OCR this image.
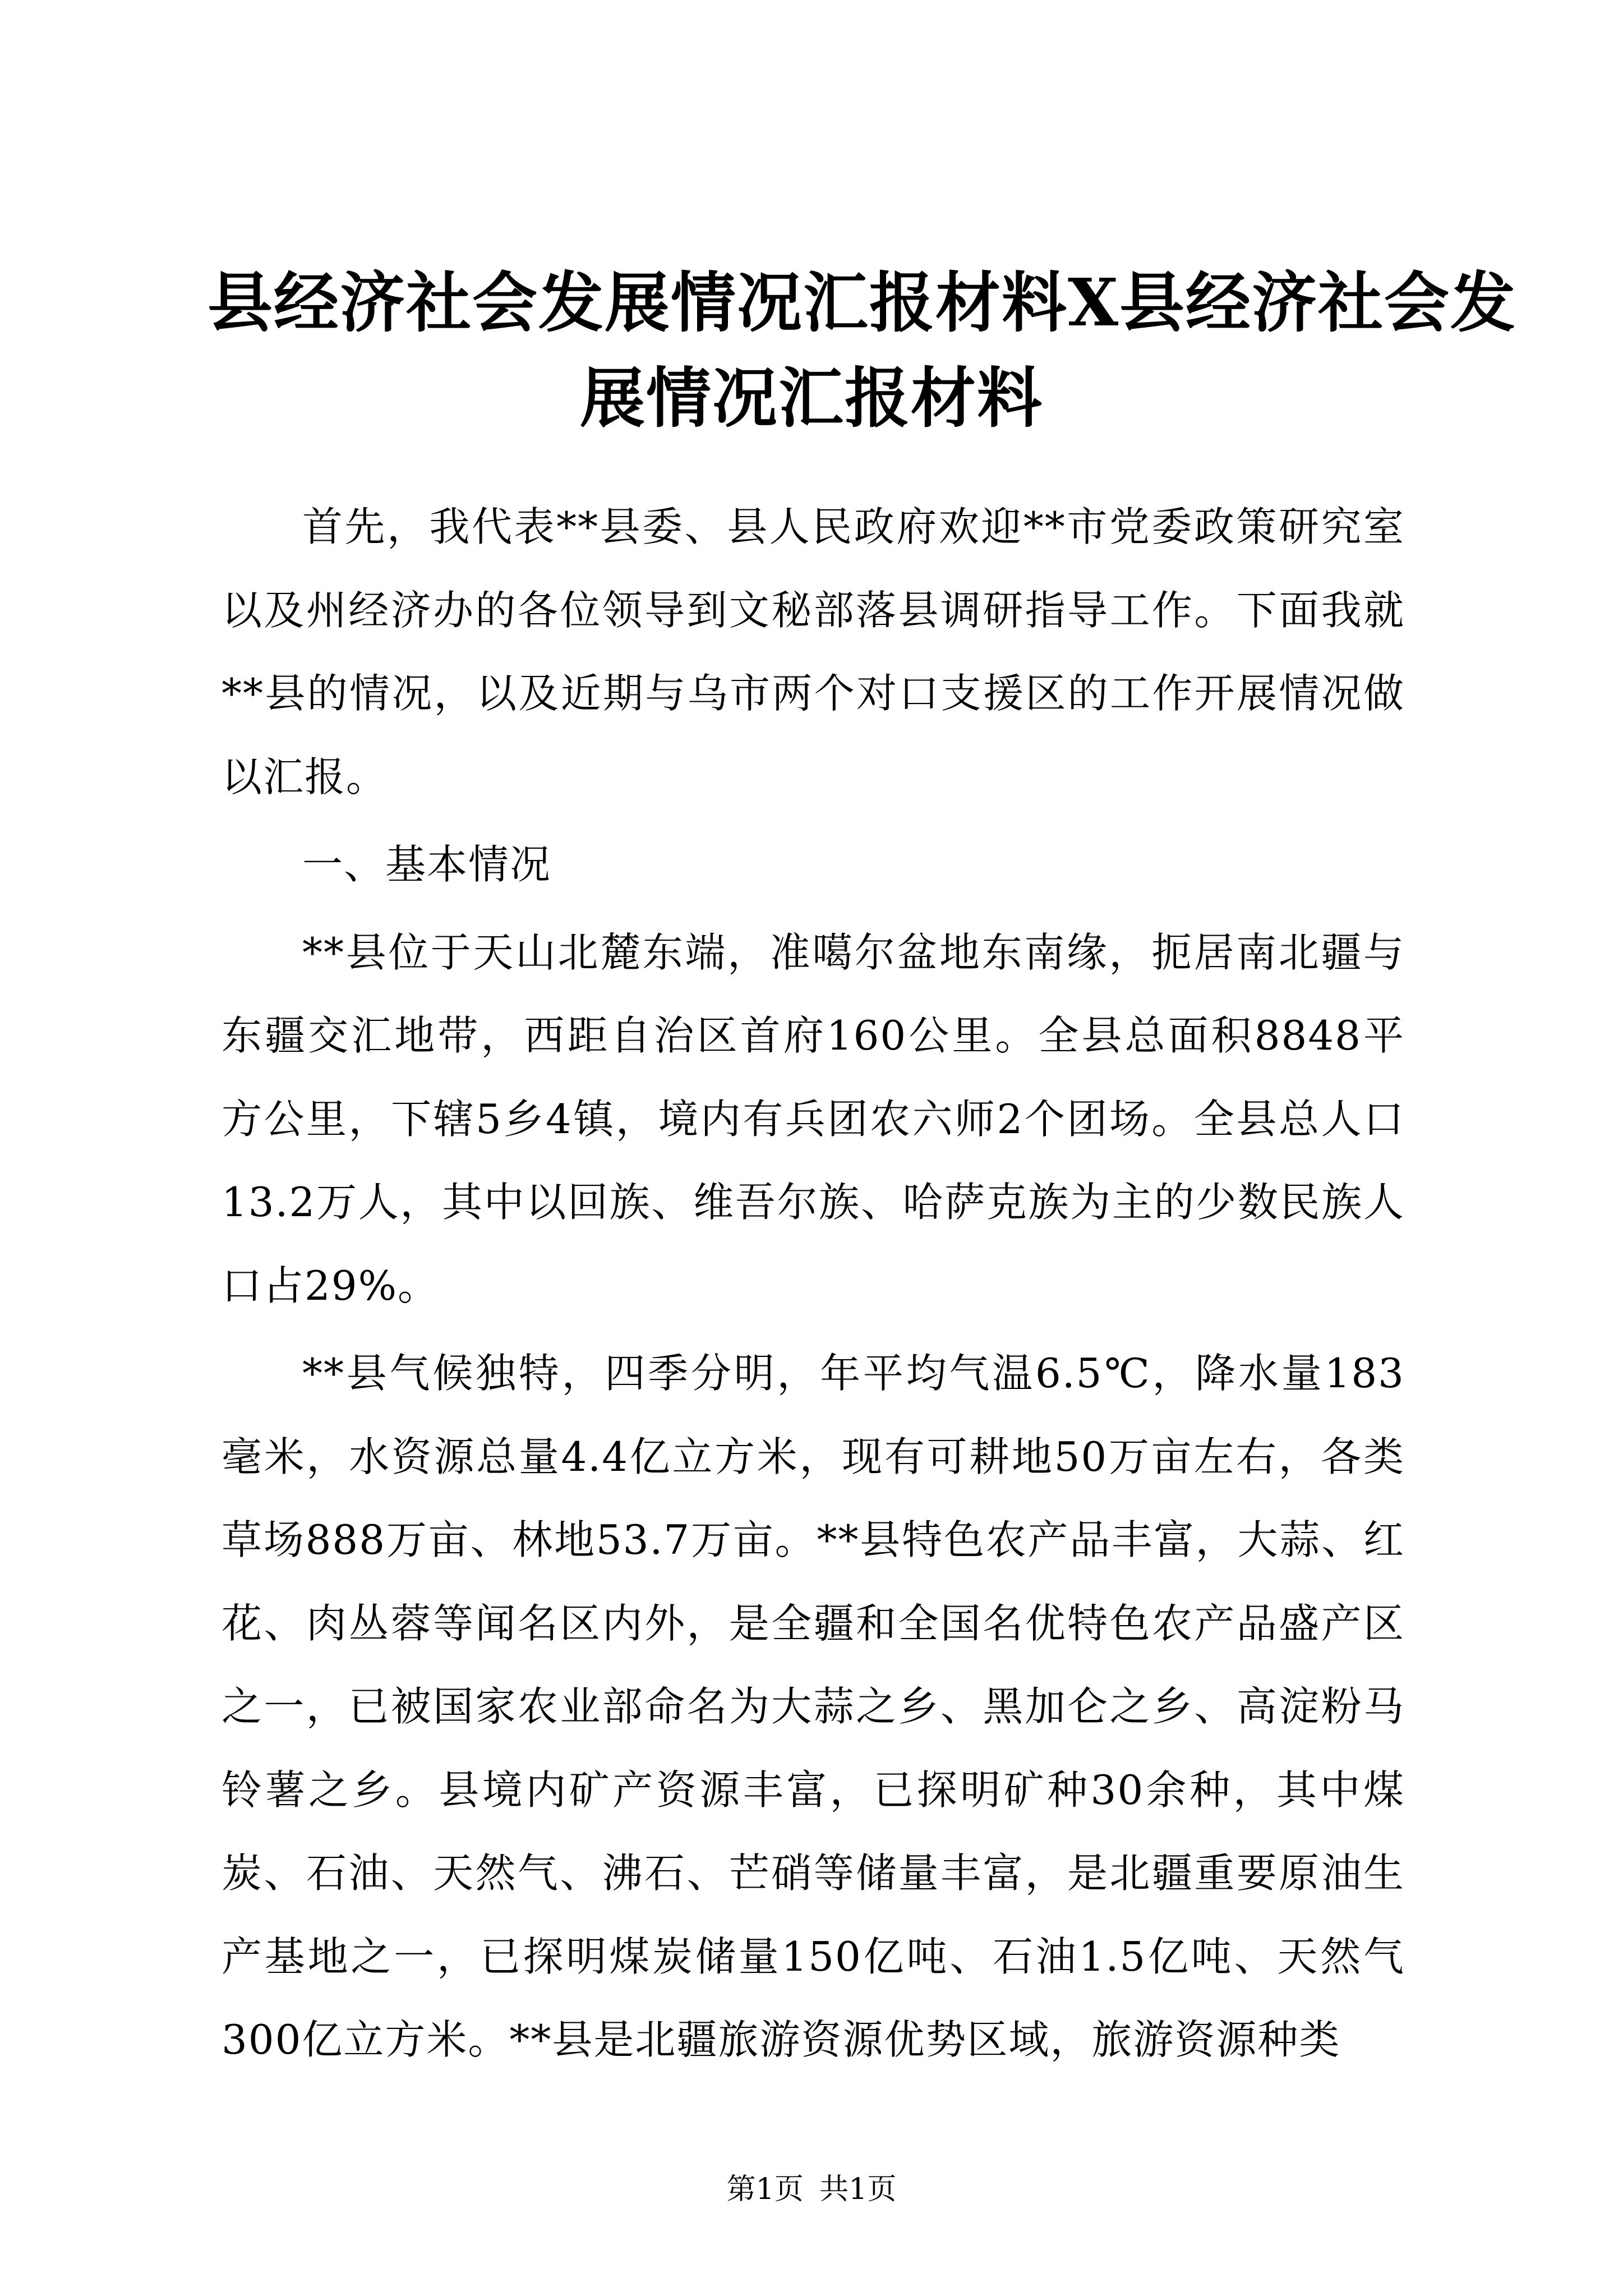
县经济社会发展情况汇报材料X县经济社会发
展情况汇报材料

首先，我代表**县委、县人民政府欢迎**市党委政策研究室以及州经济办的各位领导到文秘部落县调研指导工作。下面我就**县的情况，以及近期与乌市两个对口支援区的工作开展情况做以汇报。

一、基本情况

**县位于天山北麓东端，准噶尔盆地东南缘，扼居南北疆与东疆交汇地带，西距自治区首府160公里。全县总面积8848平方公里，下辖5乡4镇，境内有兵团农六师2个团场。全县总人口13.2万人，其中以回族、维吾尔族、哈萨克族为主的少数民族人口占29%。

**县气候独特，四季分明，年平均气温6.5℃，降水量183毫米，水资源总量4.4亿立方米，现有可耕地50万亩左右，各类草场888万亩、林地53.7万亩。**县特色农产品丰富，大蒜、红花、肉丛蓉等闻名区内外，是全疆和全国名优特色农产品盛产区之一，已被国家农业部命名为大蒜之乡、黑加仑之乡、高淀粉马铃薯之乡。县境内矿产资源丰富，已探明矿种30余种，其中煤炭、石油、天然气、沸石、芒硝等储量丰富，是北疆重要原油生产基地之一，已探明煤炭储量150亿吨、石油1.5亿吨、天然气300亿立方米。**县是北疆旅游资源优势区域，旅游资源种类

第1页 共1页
